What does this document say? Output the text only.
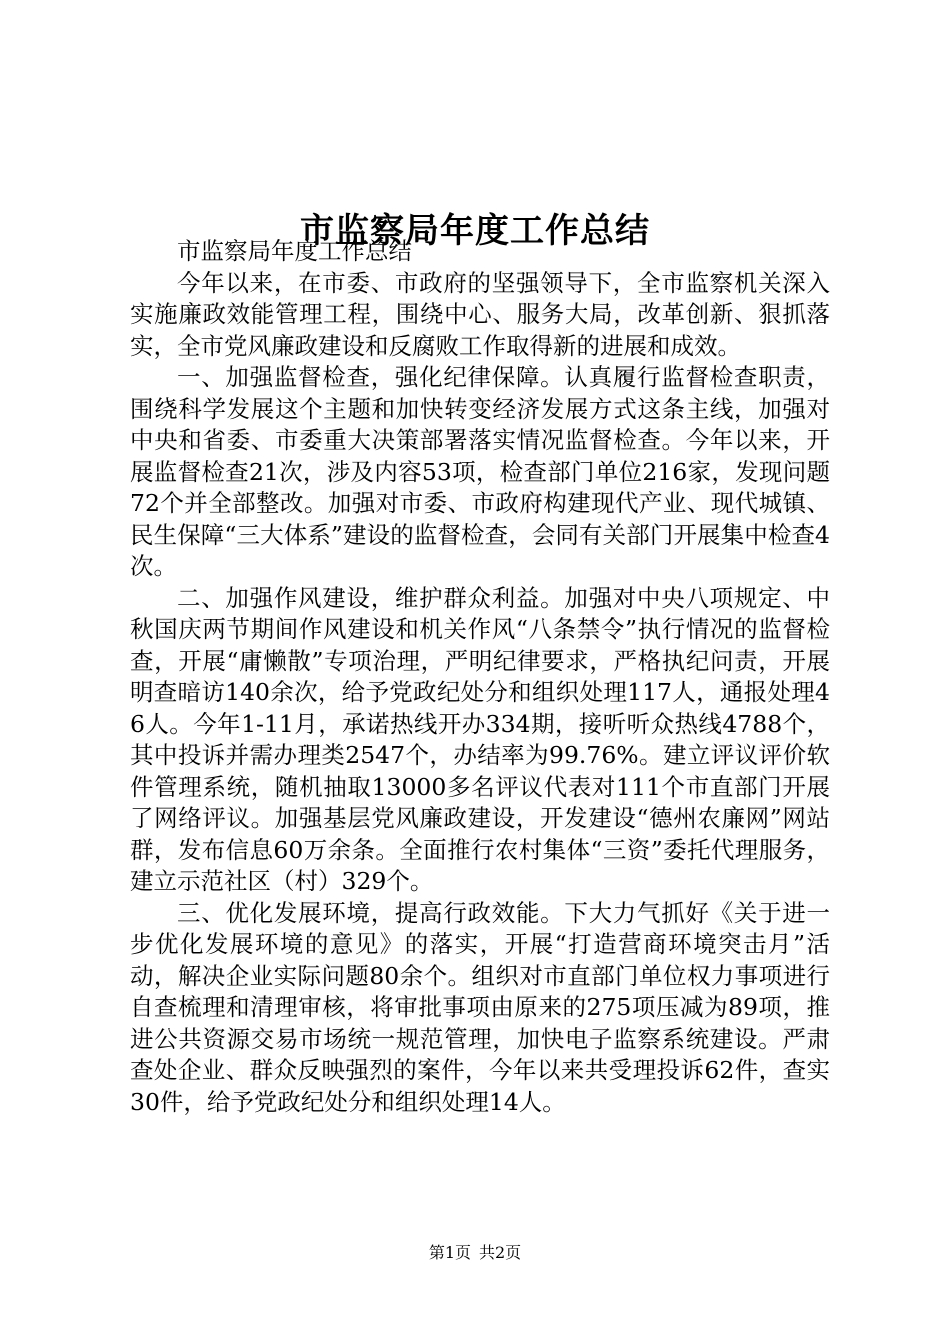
市监察局年度工作总结

市监察局年度工作总结

今年以来，在市委、市政府的坚强领导下，全市监察机关深入实施廉政效能管理工程，围绕中心、服务大局，改革创新、狠抓落实，全市党风廉政建设和反腐败工作取得新的进展和成效。

一、加强监督检查，强化纪律保障。认真履行监督检查职责，围绕科学发展这个主题和加快转变经济发展方式这条主线，加强对中央和省委、市委重大决策部署落实情况监督检查。今年以来，开展监督检查21次，涉及内容53项，检查部门单位216家，发现问题72个并全部整改。加强对市委、市政府构建现代产业、现代城镇、民生保障“三大体系”建设的监督检查，会同有关部门开展集中检查4次。

二、加强作风建设，维护群众利益。加强对中央八项规定、中秋国庆两节期间作风建设和机关作风“八条禁令”执行情况的监督检查，开展“庸懒散”专项治理，严明纪律要求，严格执纪问责，开展明查暗访140余次，给予党政纪处分和组织处理117人，通报处理46人。今年1-11月，承诺热线开办334期，接听听众热线4788个，其中投诉并需办理类2547个，办结率为99.76%。建立评议评价软件管理系统，随机抽取13000多名评议代表对111个市直部门开展了网络评议。加强基层党风廉政建设，开发建设“德州农廉网”网站群，发布信息60万余条。全面推行农村集体“三资”委托代理服务，建立示范社区（村）329个。

三、优化发展环境，提高行政效能。下大力气抓好《关于进一步优化发展环境的意见》的落实，开展“打造营商环境突击月”活动，解决企业实际问题80余个。组织对市直部门单位权力事项进行自查梳理和清理审核，将审批事项由原来的275项压减为89项，推进公共资源交易市场统一规范管理，加快电子监察系统建设。严肃查处企业、群众反映强烈的案件，今年以来共受理投诉62件，查实30件，给予党政纪处分和组织处理14人。

第1页 共2页
